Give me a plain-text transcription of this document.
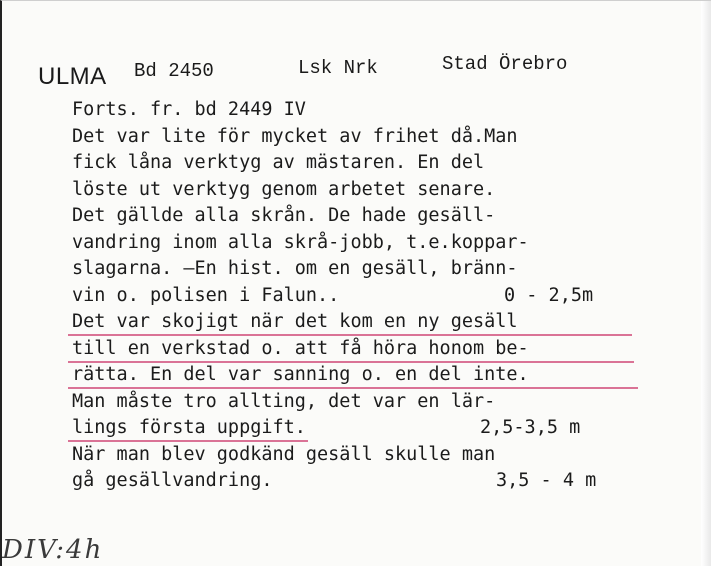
ULMA Bd 2450	Lsk Nrk	Stad Örebro
Forts. fr. bd 2449 IV
Det var lite för mycket av frihet då.Man
fick låna verktyg av mästaren. En del
löste ut verktyg genom arbetet senare.
Det gällde alla skrån. De hade gesäll-
vandring inom alla skrå-jobb, t.e.koppar-
slagarna. —En hist. om en gesäll, bränn-
vin o. polisen i Falun..	0 - 2,5m
Det var skojigt när det kom en ny gesäll
till en verkstad o. att få höra honom be-
rätta. En del var sanning o. en del inte.
Man måste tro allting, det var en lär-
lings första uppgift.	2,5-3,5 m
När man blev godkänd gesäll skulle man
gå gesällvandring.	3,5 - 4 m
DIV:4h
